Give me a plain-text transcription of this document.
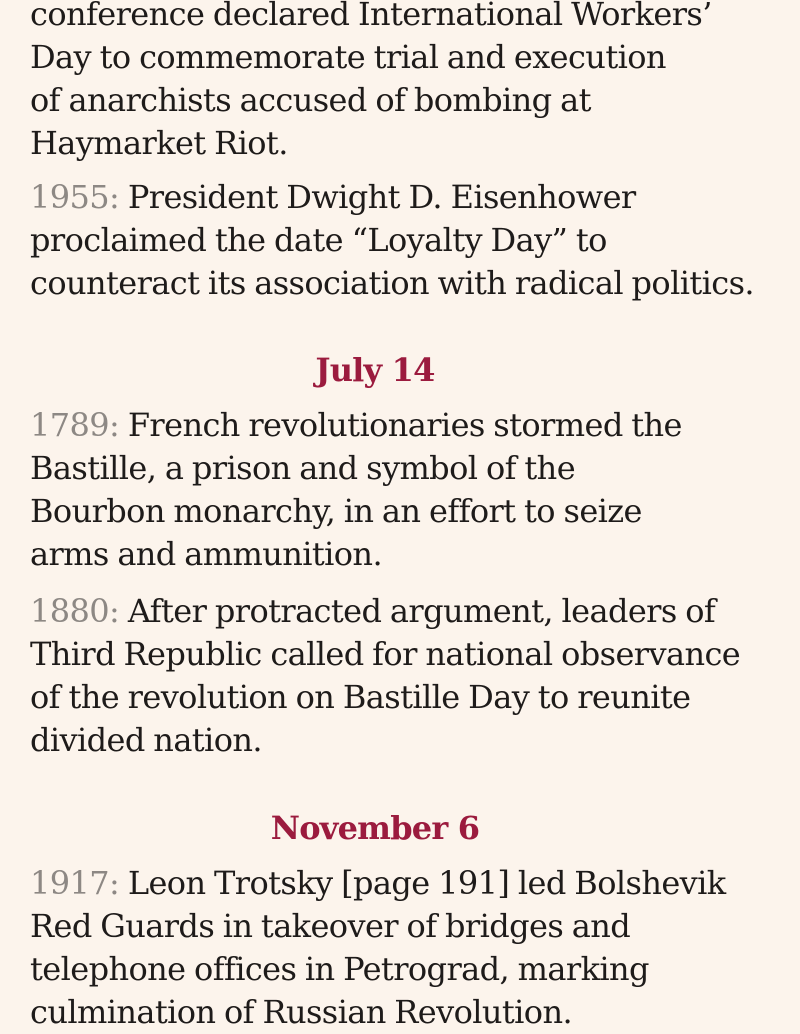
conference declared International Workers’
Day to commemorate trial and execution
of anarchists accused of bombing at
Haymarket Riot.
1955: President Dwight D. Eisenhower
proclaimed the date “Loyalty Day” to
counteract its association with radical politics.
July 14
1789: French revolutionaries stormed the
Bastille, a prison and symbol of the
Bourbon monarchy, in an effort to seize
arms and ammunition.
1880: After protracted argument, leaders of
Third Republic called for national observance
of the revolution on Bastille Day to reunite
divided nation.
November 6
1917: Leon Trotsky [page 191] led Bolshevik
Red Guards in takeover of bridges and
telephone offices in Petrograd, marking
culmination of Russian Revolution.
